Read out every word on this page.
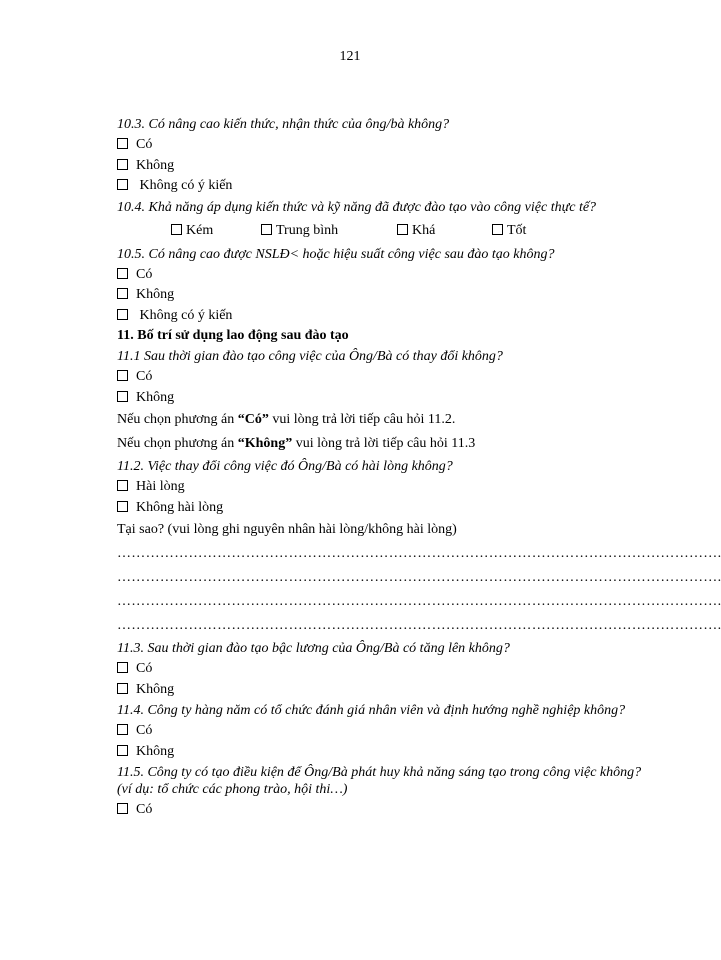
121

10.3. Có nâng cao kiến thức, nhận thức của ông/bà không?

Có

Không

Không có ý kiến

10.4. Khả năng áp dụng kiến thức và kỹ năng đã được đào tạo vào công việc thực tế?

Kém	Trung bình	Khá	Tốt

10.5. Có nâng cao được NSLĐ< hoặc hiệu suất công việc sau đào tạo không?

Có

Không

Không có ý kiến

11. Bố trí sử dụng lao động sau đào tạo

11.1 Sau thời gian đào tạo công việc của Ông/Bà có thay đổi không?

Có

Không

Nếu chọn phương án “Có” vui lòng trả lời tiếp câu hỏi 11.2.

Nếu chọn phương án “Không” vui lòng trả lời tiếp câu hỏi 11.3

11.2. Việc thay đổi công việc đó Ông/Bà có hài lòng không?

Hài lòng

Không hài lòng

Tại sao? (vui lòng ghi nguyên nhân hài lòng/không hài lòng)

……………………………………………………………………………………………………………….

……………………………………………………………………………………………………………….

……………………………………………………………………………………………………………….

……………………………………………………………………………………………………………….

11.3. Sau thời gian đào tạo bậc lương của Ông/Bà có tăng lên không?

Có

Không

11.4. Công ty hàng năm có tổ chức đánh giá nhân viên và định hướng nghề nghiệp không?

Có

Không

11.5. Công ty có tạo điều kiện để Ông/Bà phát huy khả năng sáng tạo trong công việc không? (ví dụ: tổ chức các phong trào, hội thi…)

Có
